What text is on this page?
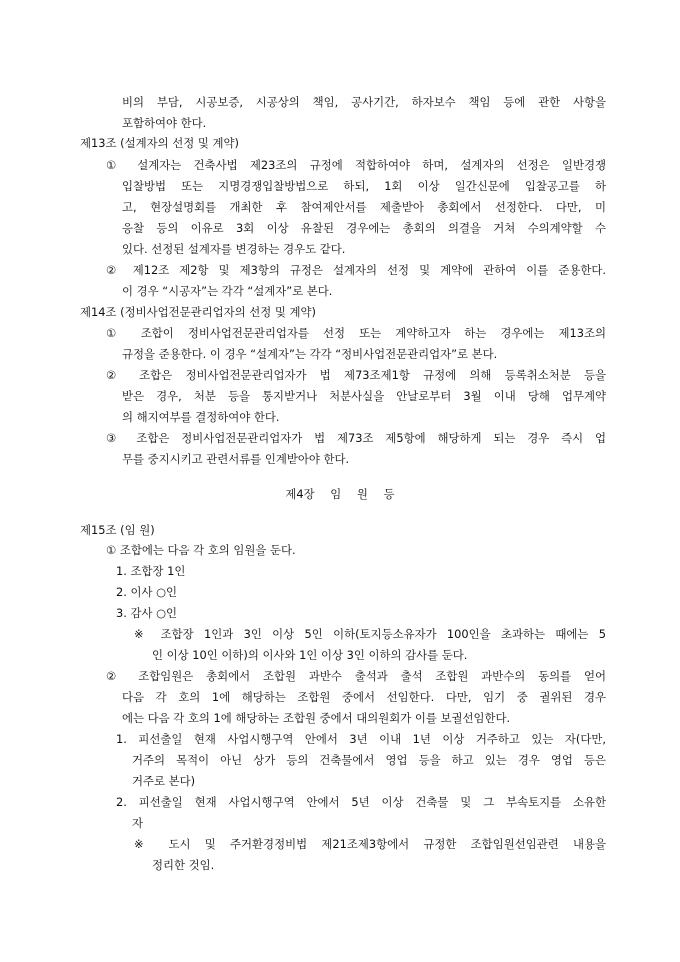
비의 부담, 시공보증, 시공상의 책임, 공사기간, 하자보수 책임 등에 관한 사항을
포함하여야 한다.
제13조 (설계자의 선정 및 계약)
① 설계자는 건축사법 제23조의 규정에 적합하여야 하며, 설계자의 선정은 일반경쟁
입찰방법 또는 지명경쟁입찰방법으로 하되, 1회 이상 일간신문에 입찰공고를 하
고, 현장설명회를 개최한 후 참여제안서를 제출받아 총회에서 선정한다. 다만, 미
응찰 등의 이유로 3회 이상 유찰된 경우에는 총회의 의결을 거쳐 수의계약할 수
있다. 선정된 설계자를 변경하는 경우도 같다.
② 제12조 제2항 및 제3항의 규정은 설계자의 선정 및 계약에 관하여 이를 준용한다.
이 경우 “시공자”는 각각 “설계자”로 본다.
제14조 (정비사업전문관리업자의 선정 및 계약)
① 조합이 정비사업전문관리업자를 선정 또는 계약하고자 하는 경우에는 제13조의
규정을 준용한다. 이 경우 “설계자”는 각각 “정비사업전문관리업자”로 본다.
② 조합은 정비사업전문관리업자가 법 제73조제1항 규정에 의해 등록취소처분 등을
받은 경우, 처분 등을 통지받거나 처분사실을 안날로부터 3월 이내 당해 업무계약
의 해지여부를 결정하여야 한다.
③ 조합은 정비사업전문관리업자가 법 제73조 제5항에 해당하게 되는 경우 즉시 업
무를 중지시키고 관련서류를 인계받아야 한다.
제4장 임 원 등
제15조 (임 원)
① 조합에는 다음 각 호의 임원을 둔다.
1. 조합장 1인
2. 이사 ○인
3. 감사 ○인
※ 조합장 1인과 3인 이상 5인 이하(토지등소유자가 100인을 초과하는 때에는 5
인 이상 10인 이하)의 이사와 1인 이상 3인 이하의 감사를 둔다.
② 조합임원은 총회에서 조합원 과반수 출석과 출석 조합원 과반수의 동의를 얻어
다음 각 호의 1에 해당하는 조합원 중에서 선임한다. 다만, 임기 중 궐위된 경우
에는 다음 각 호의 1에 해당하는 조합원 중에서 대의원회가 이를 보궐선임한다.
1. 피선출일 현재 사업시행구역 안에서 3년 이내 1년 이상 거주하고 있는 자(다만,
거주의 목적이 아닌 상가 등의 건축물에서 영업 등을 하고 있는 경우 영업 등은
거주로 본다)
2. 피선출일 현재 사업시행구역 안에서 5년 이상 건축물 및 그 부속토지를 소유한
자
※ 도시 및 주거환경정비법 제21조제3항에서 규정한 조합임원선임관련 내용을
정리한 것임.
